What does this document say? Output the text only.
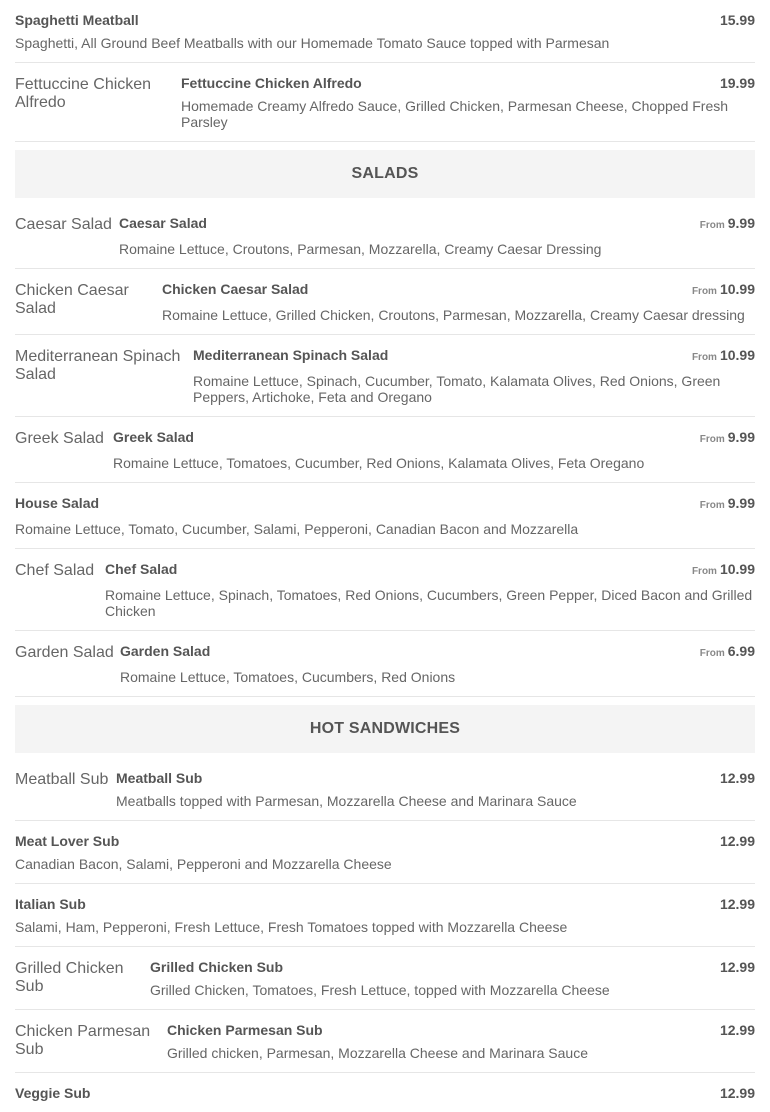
Spaghetti Meatball	15.99
Spaghetti, All Ground Beef Meatballs with our Homemade Tomato Sauce topped with Parmesan
Fettuccine Chicken Alfredo
Fettuccine Chicken Alfredo	19.99
Homemade Creamy Alfredo Sauce, Grilled Chicken, Parmesan Cheese, Chopped Fresh Parsley
SALADS
Caesar Salad Caesar Salad	From 9.99
Romaine Lettuce, Croutons, Parmesan, Mozzarella, Creamy Caesar Dressing
Chicken Caesar Salad
Chicken Caesar Salad	From 10.99
Romaine Lettuce, Grilled Chicken, Croutons, Parmesan, Mozzarella, Creamy Caesar dressing
Mediterranean Spinach Salad
Mediterranean Spinach Salad	From 10.99
Romaine Lettuce, Spinach, Cucumber, Tomato, Kalamata Olives, Red Onions, Green Peppers, Artichoke, Feta and Oregano
Greek Salad Greek Salad	From 9.99
Romaine Lettuce, Tomatoes, Cucumber, Red Onions, Kalamata Olives, Feta Oregano
House Salad	From 9.99
Romaine Lettuce, Tomato, Cucumber, Salami, Pepperoni, Canadian Bacon and Mozzarella
Chef Salad Chef Salad	From 10.99
Romaine Lettuce, Spinach, Tomatoes, Red Onions, Cucumbers, Green Pepper, Diced Bacon and Grilled Chicken
Garden Salad Garden Salad	From 6.99
Romaine Lettuce, Tomatoes, Cucumbers, Red Onions
HOT SANDWICHES
Meatball Sub Meatball Sub	12.99
Meatballs topped with Parmesan, Mozzarella Cheese and Marinara Sauce
Meat Lover Sub	12.99
Canadian Bacon, Salami, Pepperoni and Mozzarella Cheese
Italian Sub	12.99
Salami, Ham, Pepperoni, Fresh Lettuce, Fresh Tomatoes topped with Mozzarella Cheese
Grilled Chicken Sub
Grilled Chicken Sub	12.99
Grilled Chicken, Tomatoes, Fresh Lettuce, topped with Mozzarella Cheese
Chicken Parmesan Sub
Chicken Parmesan Sub	12.99
Grilled chicken, Parmesan, Mozzarella Cheese and Marinara Sauce
Veggie Sub	12.99
